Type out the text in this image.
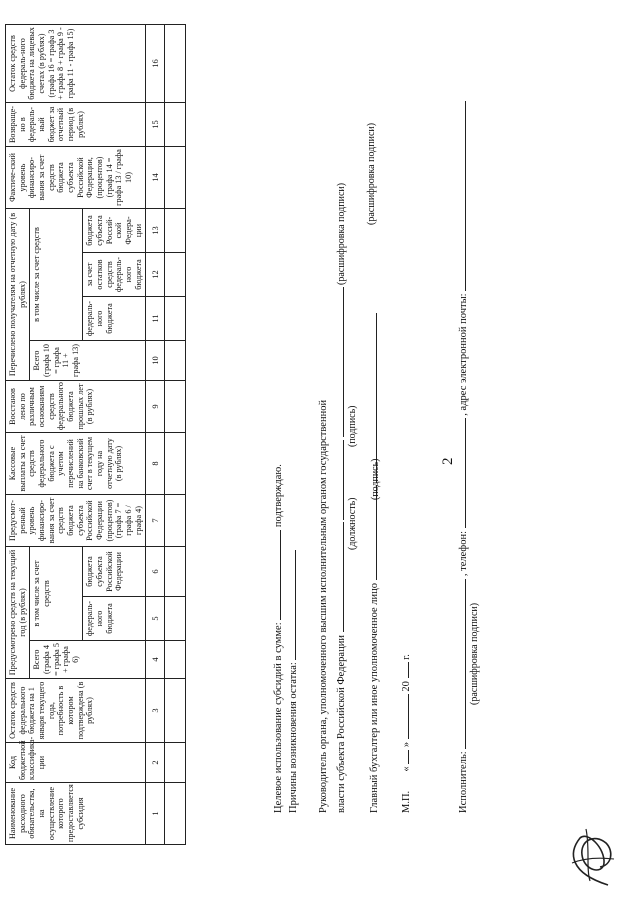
2
Наименование расходного обязательства, на осуществление которого предоставляется субсидия	Код бюджетной классифика-ции	Остаток средств федерального бюджета на 1 января текущего года, потребность в котором подтверждена (в рублях)	Предусмотрено средств на текущий год (в рублях)			Предусмот-ренный уровень финансиро-вания за счет средств бюджета субъекта Российской Федерации (процентов) (графа 7 = графа 6 / графа 4)	Кассовые выплаты за счет средств федерального бюджета с учетом перечислений на банковский счет в текущем году на отчетную дату (в рублях)	Восстанов лено по различным основаниям средств федерального бюджета прошлых лет (в рублях)	Перечислено получателям на отчетную дату (в рублях)				Фактиче-ский уровень финансиро-вания за счет средств бюджета субъекта Российской Федерации, (процентов) (графа 14 = графа 13 / графа 10)	Возвраще-но в федераль-ный бюджет за отчетный период (в рублях)	Остаток средств федераль-ного бюджета на лицевых счетах (в рублях) (графа 16 = графа 3 + графа 8 + графа 9 - графа 11 - графа 15)
			Всего (графа 4 = графа 5 + графа 6)	в том числе за счет средств					Всего (графа 10 = графа 11 + графа 13)	в том числе за счет средств					
				федераль-ного бюджета	бюджета субъекта Российской Федерации					федераль-ного бюджета	за счет остатков средств федераль-ного бюджета	бюджета субъекта Россий-ской Федера-ции			
1	2	3	4	5	6	7	8	9	10	11	12	13	14	15	16

Целевое использование субсидий в сумме:  подтверждаю.
Причины возникновения остатка: Руководитель органа, уполномоченного высшим исполнительным органом государственной власти субъекта Российской Федерации
(должность)
(подпись)
(расшифровка подписи)
Главный бухгалтер или иное уполномоченное лицо
(подпись)
(расшифровка подписи)
М.П.  «  »  20  г.
Исполнитель:  , телефон:  , адрес электронной почты:
(расшифровка подписи)
